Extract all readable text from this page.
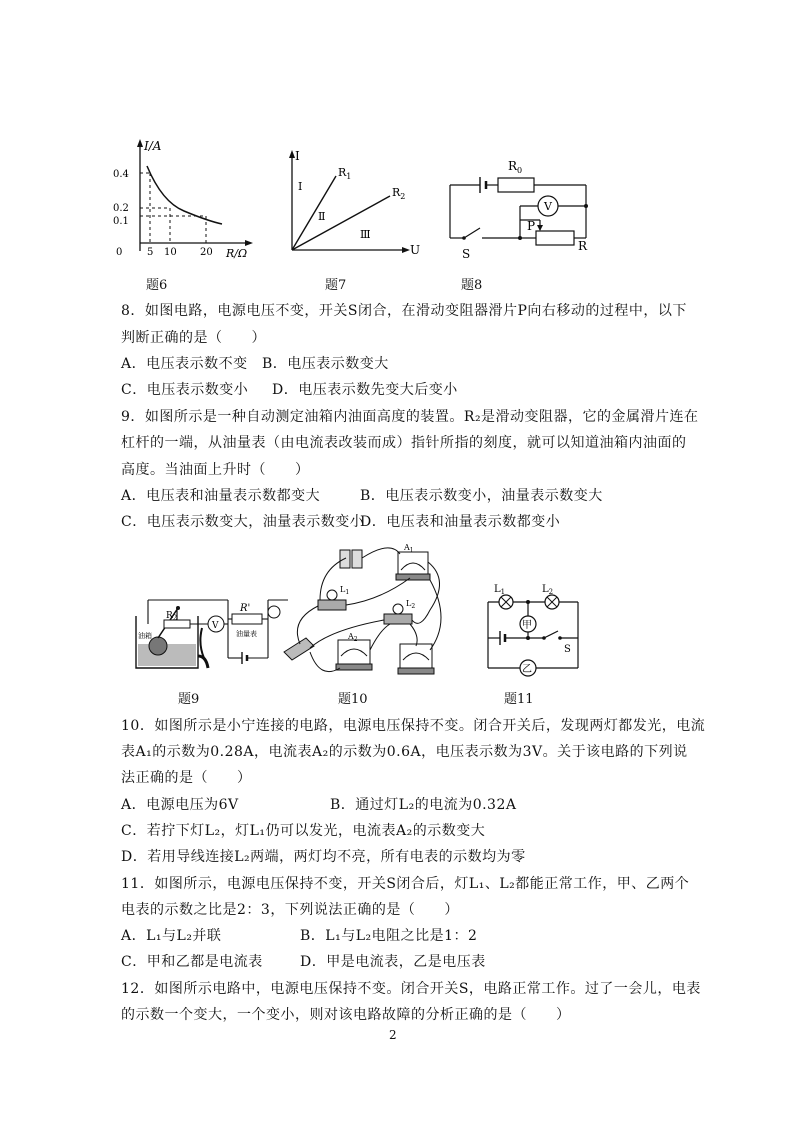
I/A
0.4
0.2
0.1
0 5 10 20 R/Ω
题6
I
U
$R_1$
$R_2$
I
Ⅱ
Ⅲ
题7
$R_0$
V
P
R
S
题8
8．如图电路，电源电压不变，开关S闭合，在滑动变阻器滑片P向右移动的过程中，以下
判断正确的是（　　）
A．电压表示数不变 B．电压表示数变大
C．电压表示数变小 D．电压表示数先变大后变小
9．如图所示是一种自动测定油箱内油面高度的装置。R₂是滑动变阻器，它的金属滑片连在
杠杆的一端，从油量表（由电流表改装而成）指针所指的刻度，就可以知道油箱内油面的
高度。当油面上升时（　　）
A．电压表和油量表示数都变大	B．电压表示数变小，油量表示数变大
C．电压表示数变大，油量表示数变小
D．电压表和油量表示数都变小
$R_2$
V
R'
油量表
油箱
题9
$A_1$
$L_1$
$L_2$
$A_2$
题10
$L_1$	$L_2$
甲
乙
S
题11
10．如图所示是小宁连接的电路，电源电压保持不变。闭合开关后，发现两灯都发光，电流
表A₁的示数为0.28A，电流表A₂的示数为0.6A，电压表示数为3V。关于该电路的下列说
法正确的是（　　）
A．电源电压为6V	B．通过灯L₂的电流为0.32A
C．若拧下灯L₂，灯L₁仍可以发光，电流表A₂的示数变大
D．若用导线连接L₂两端，两灯均不亮，所有电表的示数均为零
11．如图所示，电源电压保持不变，开关S闭合后，灯L₁、L₂都能正常工作，甲、乙两个
电表的示数之比是2：3，下列说法正确的是（　　）
A．L₁与L₂并联	B．L₁与L₂电阻之比是1：2
C．甲和乙都是电流表	D．甲是电流表，乙是电压表
12．如图所示电路中，电源电压保持不变。闭合开关S，电路正常工作。过了一会儿，电表
的示数一个变大，一个变小，则对该电路故障的分析正确的是（　　）
2
